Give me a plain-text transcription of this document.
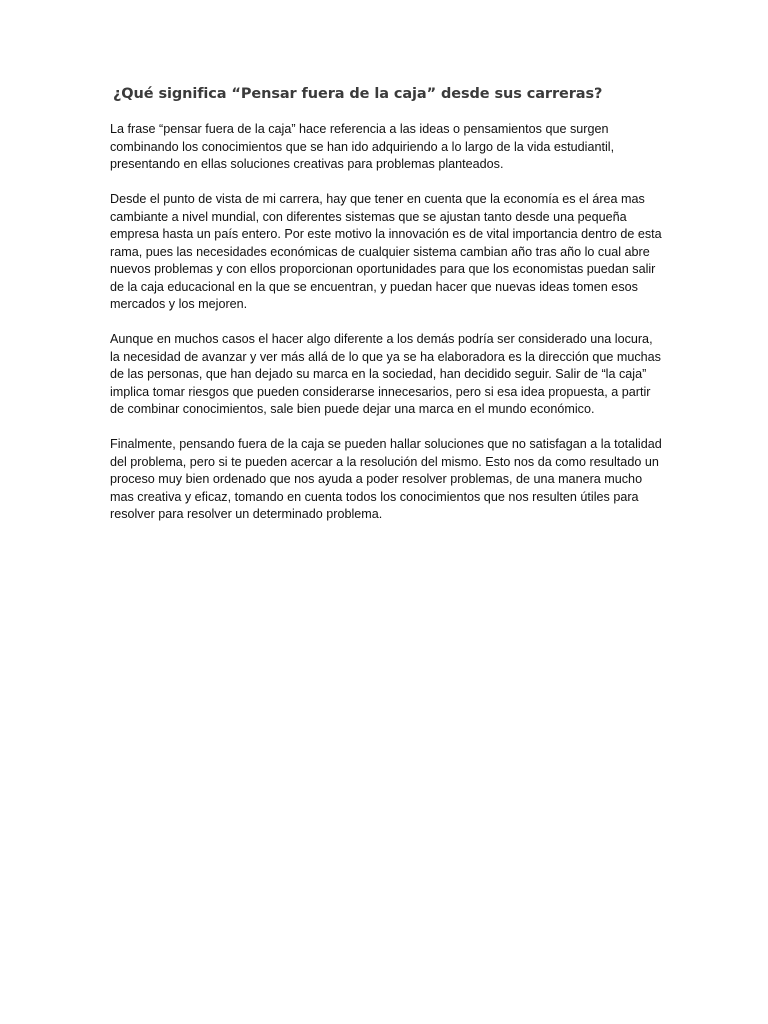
¿Qué significa “Pensar fuera de la caja” desde sus carreras?

La frase “pensar fuera de la caja” hace referencia a las ideas o pensamientos que surgen combinando los conocimientos que se han ido adquiriendo a lo largo de la vida estudiantil, presentando en ellas soluciones creativas para problemas planteados.

Desde el punto de vista de mi carrera, hay que tener en cuenta que la economía es el área mas cambiante a nivel mundial, con diferentes sistemas que se ajustan tanto desde una pequeña empresa hasta un país entero. Por este motivo la innovación es de vital importancia dentro de esta rama, pues las necesidades económicas de cualquier sistema cambian año tras año lo cual abre nuevos problemas y con ellos proporcionan oportunidades para que los economistas puedan salir de la caja educacional en la que se encuentran, y puedan hacer que nuevas ideas tomen esos mercados y los mejoren.

Aunque en muchos casos el hacer algo diferente a los demás podría ser considerado una locura, la necesidad de avanzar y ver más allá de lo que ya se ha elaboradora es la dirección que muchas de las personas, que han dejado su marca en la sociedad, han decidido seguir. Salir de “la caja” implica tomar riesgos que pueden considerarse innecesarios, pero si esa idea propuesta, a partir de combinar conocimientos, sale bien puede dejar una marca en el mundo económico.

Finalmente, pensando fuera de la caja se pueden hallar soluciones que no satisfagan a la totalidad del problema, pero si te pueden acercar a la resolución del mismo. Esto nos da como resultado un proceso muy bien ordenado que nos ayuda a poder resolver problemas, de una manera mucho mas creativa y eficaz, tomando en cuenta todos los conocimientos que nos resulten útiles para resolver para resolver un determinado problema.
